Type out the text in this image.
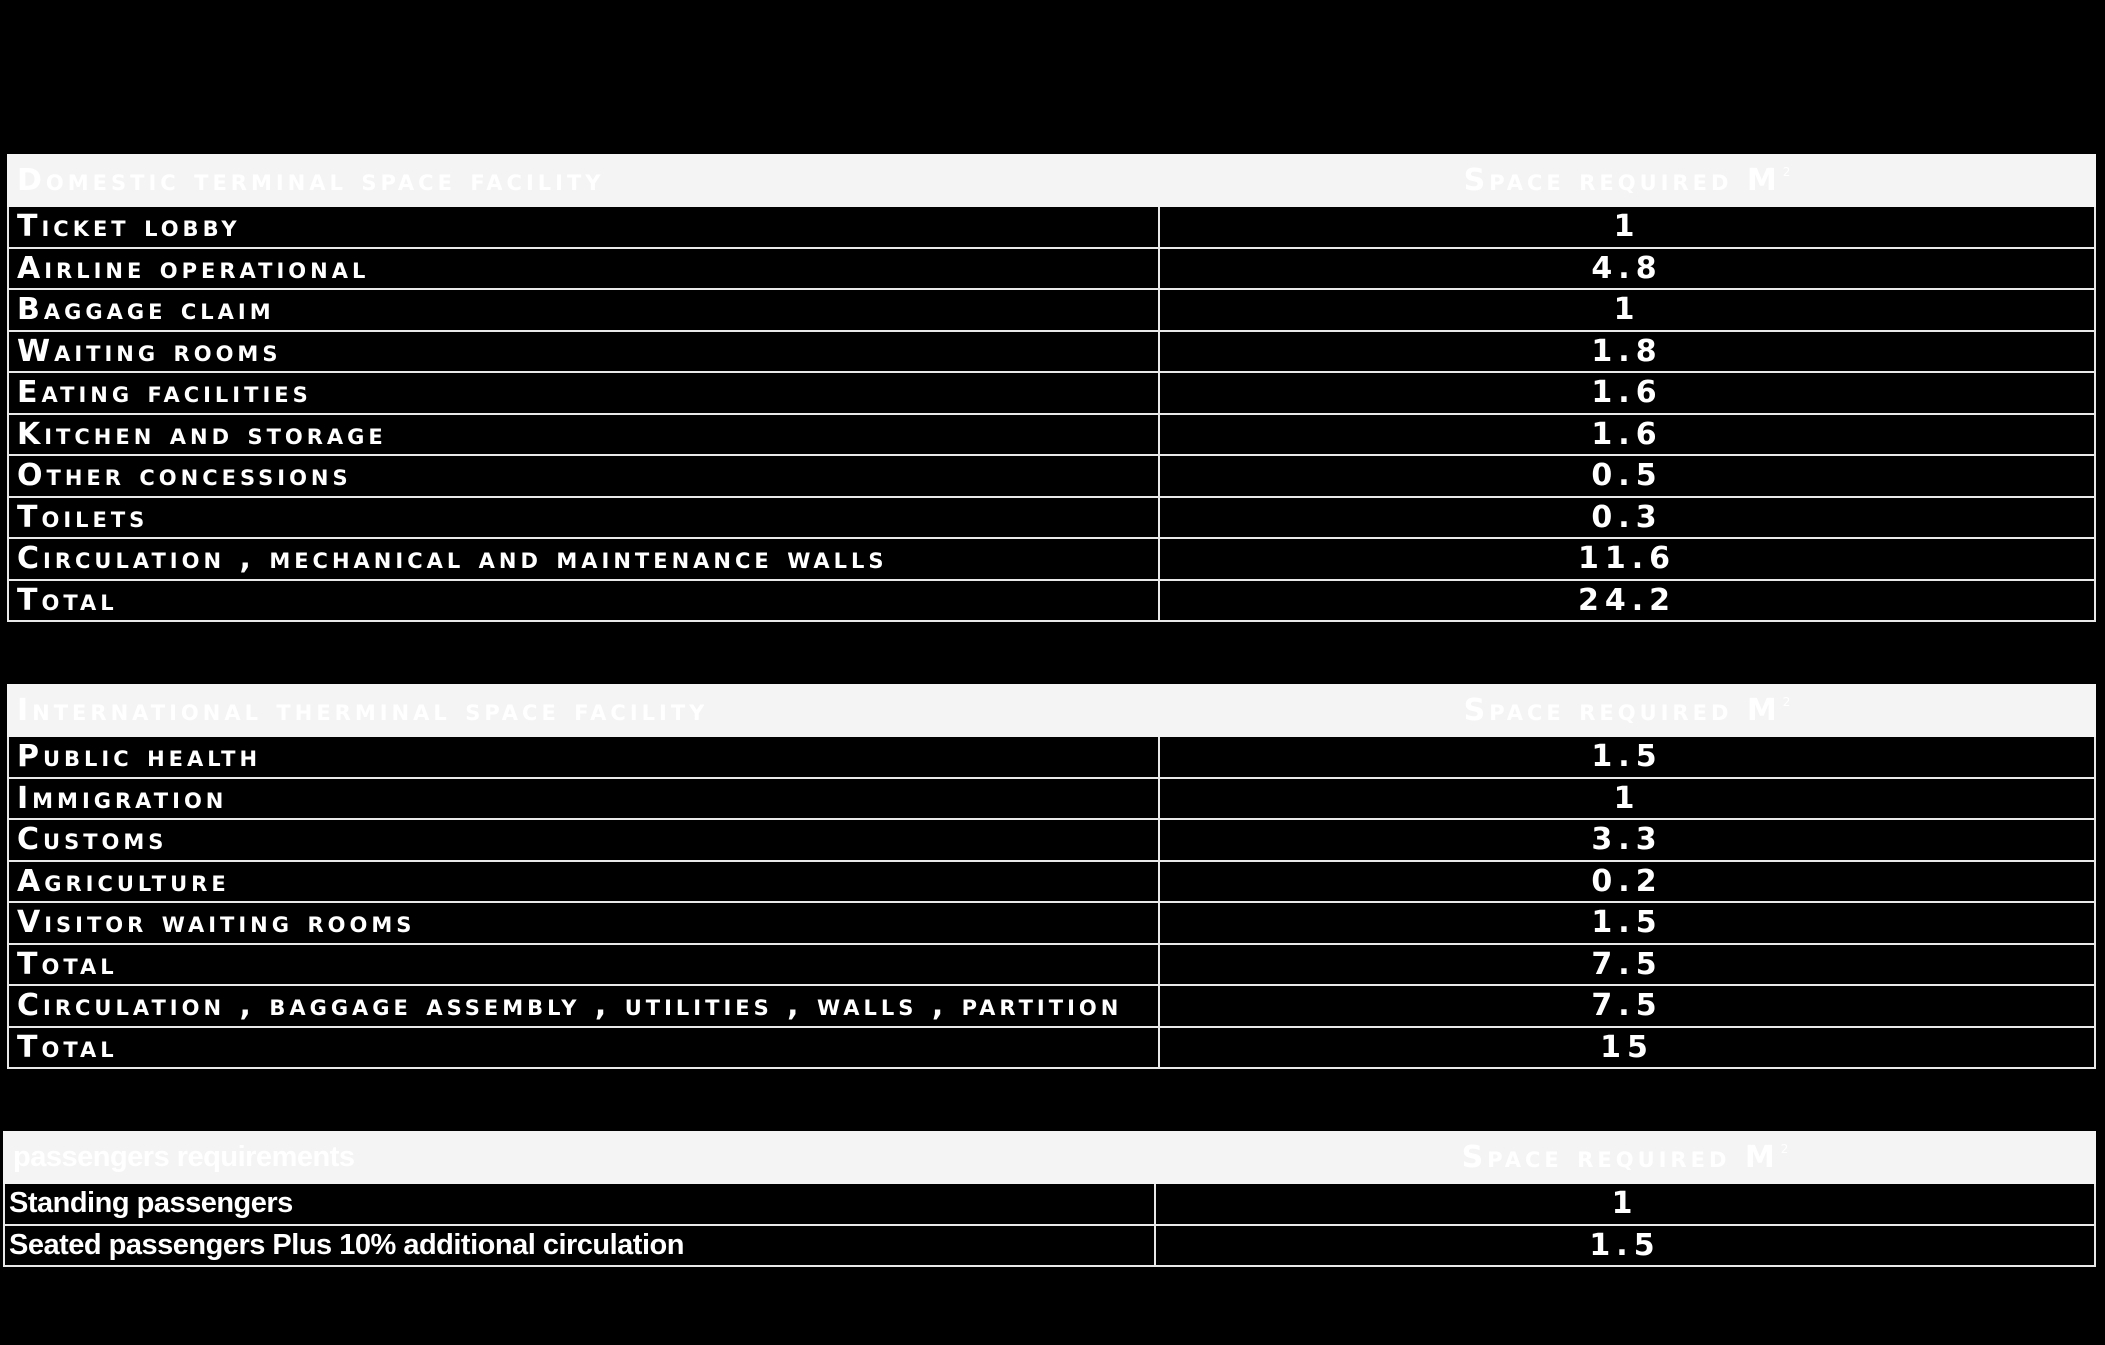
Domestic terminal space facility	Space required M $^2$
Ticket lobby	1
Airline operational	4.8
Baggage claim	1
Waiting rooms	1.8
Eating facilities	1.6
Kitchen and storage	1.6
Other concessions	0.5
Toilets	0.3
Circulation , mechanical and maintenance walls	11.6
Total	24.2
International therminal space facility	Space required M $^2$
Public health	1.5
Immigration	1
Customs	3.3
Agriculture	0.2
Visitor waiting rooms	1.5
Total	7.5
Circulation , baggage assembly , utilities , walls , partition	7.5
Total	15
passengers requirements	Space required M $^2$
Standing passengers	1
Seated passengers Plus 10% additional circulation	1.5
